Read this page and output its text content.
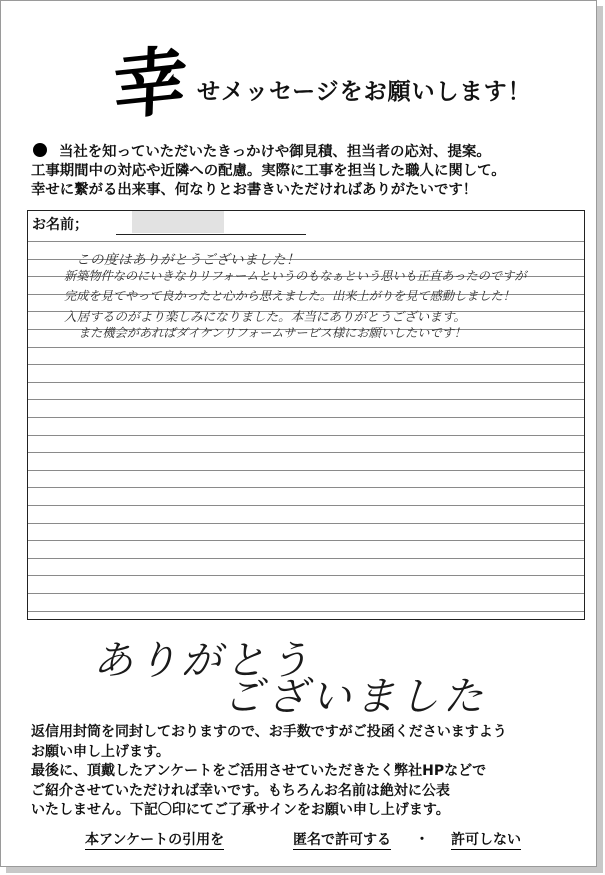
幸 せメッセージをお願いします！
当社を知っていただいたきっかけや御見積、担当者の応対、提案。
工事期間中の対応や近隣への配慮。実際に工事を担当した職人に関して。
幸せに繋がる出来事、何なりとお書きいただければありがたいです！
お名前；
この度はありがとうございました！
新築物件なのにいきなりリフォームというのもなぁという思いも正直あったのですが
完成を見てやって良かったと心から思えました。出来上がりを見て感動しました！
入居するのがより楽しみになりました。本当にありがとうございます。
また機会があればダイケンリフォームサービス様にお願いしたいです！
ありがとう
ございました
返信用封筒を同封しておりますので、お手数ですがご投函くださいますよう
お願い申し上げます。
最後に、頂戴したアンケートをご活用させていただきたく弊社HPなどで
ご紹介させていただければ幸いです。もちろんお名前は絶対に公表
いたしません。下記〇印にてご了承サインをお願い申し上げます。
本アンケートの引用を	匿名で許可する ・ 許可しない
